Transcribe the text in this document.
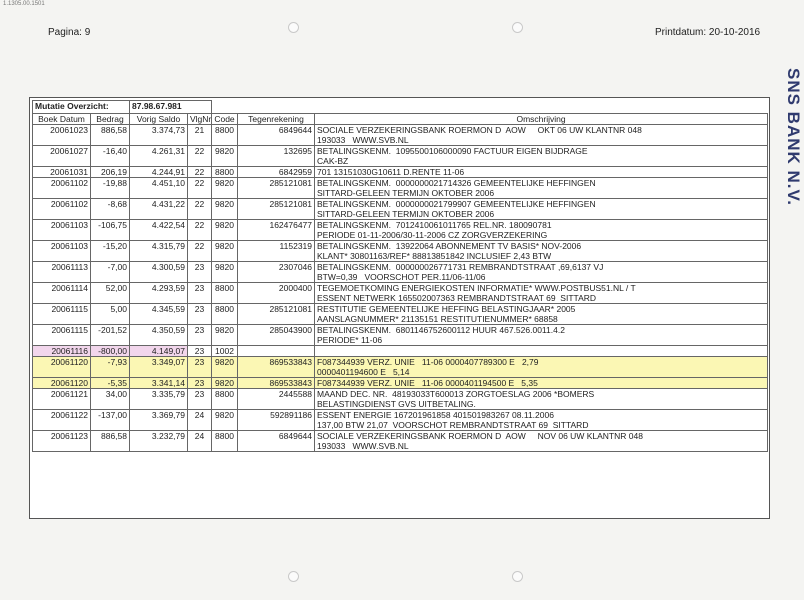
1.1305.00.1501
Pagina: 9	Printdatum: 20-10-2016
SNS BANK N.V.
Mutatie Overzicht:		87.98.67.981				
Boek Datum	Bedrag	Vorig Saldo	VlgNr	Code	Tegenrekening	Omschrijving
20061023	886,58	3.374,73	21	8800	6849644	SOCIALE VERZEKERINGSBANK ROERMON D  AOW     OKT 06 UW KLANTNR 048
193033   WWW.SVB.NL

20061027	-16,40	4.261,31	22	9820	132695	BETALINGSKENM.  1095500106000090 FACTUUR EIGEN BIJDRAGE
CAK-BZ

20061031	206,19	4.244,91	22	8800	6842959	701 13151030G10611 D.RENTE 11-06

20061102	-19,88	4.451,10	22	9820	285121081	BETALINGSKENM.  0000000021714326 GEMEENTELIJKE HEFFINGEN
SITTARD-GELEEN TERMIJN OKTOBER 2006

20061102	-8,68	4.431,22	22	9820	285121081	BETALINGSKENM.  0000000021799907 GEMEENTELIJKE HEFFINGEN
SITTARD-GELEEN TERMIJN OKTOBER 2006

20061103	-106,75	4.422,54	22	9820	162476477	BETALINGSKENM.  7012410061011765 REL.NR. 180090781
PERIODE 01-11-2006/30-11-2006 CZ ZORGVERZEKERING

20061103	-15,20	4.315,79	22	9820	1152319	BETALINGSKENM.  13922064 ABONNEMENT TV BASIS* NOV-2006
KLANT* 30801163/REF* 88813851842 INCLUSIEF 2,43 BTW

20061113	-7,00	4.300,59	23	9820	2307046	BETALINGSKENM.  000000026771731 REMBRANDTSTRAAT ,69,6137 VJ
BTW=0,39   VOORSCHOT PER.11/06-11/06

20061114	52,00	4.293,59	23	8800	2000400	TEGEMOETKOMING ENERGIEKOSTEN INFORMATIE* WWW.POSTBUS51.NL / T
ESSENT NETWERK 165502007363 REMBRANDTSTRAAT 69  SITTARD

20061115	5,00	4.345,59	23	8800	285121081	RESTITUTIE GEMEENTELIJKE HEFFING BELASTINGJAAR* 2005
AANSLAGNUMMER* 21135151 RESTITUTIENUMMER* 68858

20061115	-201,52	4.350,59	23	9820	285043900	BETALINGSKENM.  6801146752600112 HUUR 467.526.0011.4.2
PERIODE* 11-06

20061116	-800,00	4.149,07	23	1002		

20061120	-7,93	3.349,07	23	9820	869533843	F087344939 VERZ. UNIE   11-06 0000407789300 E   2,79
0000401194600 E   5,14

20061120	-5,35	3.341,14	23	9820	869533843	F087344939 VERZ. UNIE   11-06 0000401194500 E   5,35

20061121	34,00	3.335,79	23	8800	2445588	MAAND DEC. NR.  48193033T600013 ZORGTOESLAG 2006 *BOMERS
BELASTINGDIENST GVS UITBETALING.

20061122	-137,00	3.369,79	24	9820	592891186	ESSENT ENERGIE 167201961858 401501983267 08.11.2006
137,00 BTW 21,07  VOORSCHOT REMBRANDTSTRAAT 69  SITTARD

20061123	886,58	3.232,79	24	8800	6849644	SOCIALE VERZEKERINGSBANK ROERMON D  AOW     NOV 06 UW KLANTNR 048
193033   WWW.SVB.NL
